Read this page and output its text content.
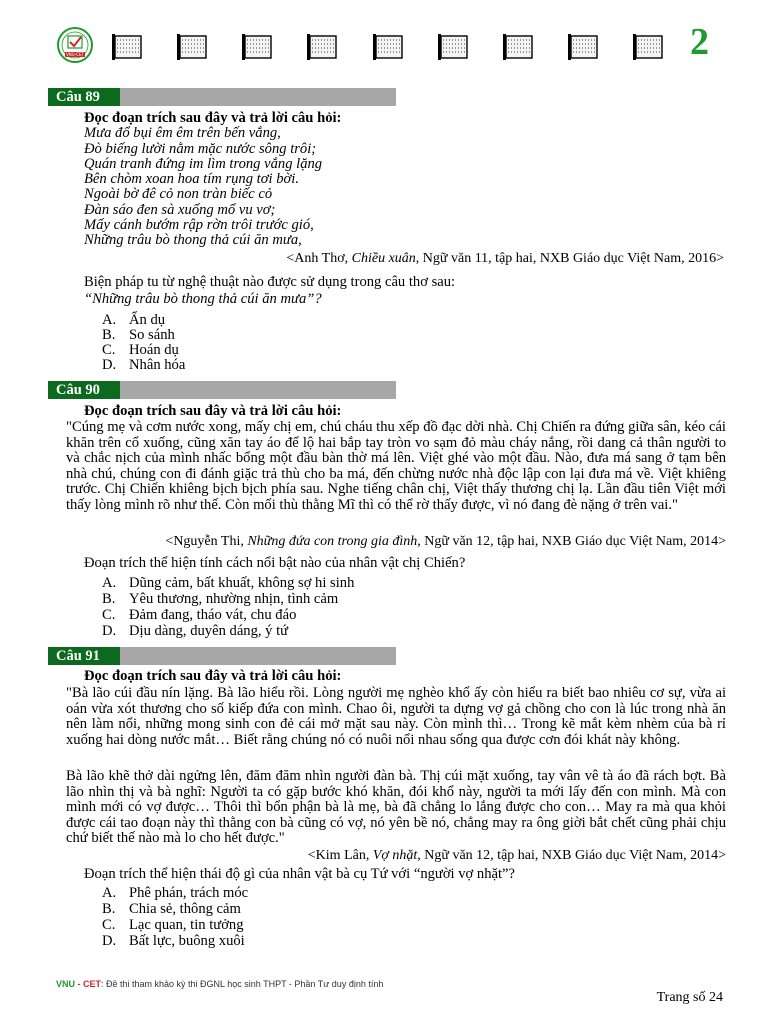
VNU-CET	2
Câu 89
Đọc đoạn trích sau đây và trả lời câu hỏi:
Mưa đổ bụi êm êm trên bến vắng,
Đò biếng lười nằm mặc nước sông trôi;
Quán tranh đứng im lìm trong vắng lặng
Bên chòm xoan hoa tím rụng tơi bời.
Ngoài bờ đê cỏ non tràn biếc cỏ
Đàn sáo đen sà xuống mổ vu vơ;
Mấy cánh bướm rập rờn trôi trước gió,
Những trâu bò thong thả cúi ăn mưa,
<Anh Thơ, Chiều xuân, Ngữ văn 11, tập hai, NXB Giáo dục Việt Nam, 2016>
Biện pháp tu từ nghệ thuật nào được sử dụng trong câu thơ sau:
“Những trâu bò thong thả cúi ăn mưa”?
A. Ẩn dụ
B. So sánh
C. Hoán dụ
D. Nhân hóa
Câu 90
Đọc đoạn trích sau đây và trả lời câu hỏi:
"Cúng mẹ và cơm nước xong, mấy chị em, chú cháu thu xếp đồ đạc dời nhà. Chị Chiến ra đứng giữa sân, kéo cái khăn trên cổ xuống, cũng xăn tay áo để lộ hai bắp tay tròn vo sạm đỏ màu cháy nắng, rồi dang cả thân người to và chắc nịch của mình nhấc bổng một đầu bàn thờ má lên. Việt ghé vào một đầu. Nào, đưa má sang ở tạm bên nhà chú, chúng con đi đánh giặc trả thù cho ba má, đến chừng nước nhà độc lập con lại đưa má về. Việt khiêng trước. Chị Chiến khiêng bịch bịch phía sau. Nghe tiếng chân chị, Việt thấy thương chị lạ. Lần đầu tiên Việt mới thấy lòng mình rõ như thế. Còn mối thù thằng Mĩ thì có thể rờ thấy được, vì nó đang đè nặng ở trên vai."
<Nguyễn Thi, Những đứa con trong gia đình, Ngữ văn 12, tập hai, NXB Giáo dục Việt Nam, 2014>
Đoạn trích thể hiện tính cách nổi bật nào của nhân vật chị Chiến?
A. Dũng cảm, bất khuất, không sợ hi sinh
B. Yêu thương, nhường nhịn, tình cảm
C. Đảm đang, tháo vát, chu đáo
D. Dịu dàng, duyên dáng, ý tứ
Câu 91
Đọc đoạn trích sau đây và trả lời câu hỏi:
"Bà lão cúi đầu nín lặng. Bà lão hiểu rồi. Lòng người mẹ nghèo khổ ấy còn hiểu ra biết bao nhiêu cơ sự, vừa ai oán vừa xót thương cho số kiếp đứa con mình. Chao ôi, người ta dựng vợ gả chồng cho con là lúc trong nhà ăn nên làm nổi, những mong sinh con đẻ cái mở mặt sau này. Còn mình thì… Trong kẽ mắt kèm nhèm của bà rỉ xuống hai dòng nước mắt… Biết rằng chúng nó có nuôi nổi nhau sống qua được cơn đói khát này không.
Bà lão khẽ thở dài ngửng lên, đăm đăm nhìn người đàn bà. Thị cúi mặt xuống, tay vân vê tà áo đã rách bợt. Bà lão nhìn thị và bà nghĩ: Người ta có gặp bước khó khăn, đói khổ này, người ta mới lấy đến con mình. Mà con mình mới có vợ được… Thôi thì bổn phận bà là mẹ, bà đã chẳng lo lắng được cho con… May ra mà qua khỏi được cái tao đoạn này thì thằng con bà cũng có vợ, nó yên bề nó, chẳng may ra ông giời bắt chết cũng phải chịu chứ biết thế nào mà lo cho hết được."
<Kim Lân, Vợ nhặt, Ngữ văn 12, tập hai, NXB Giáo dục Việt Nam, 2014>
Đoạn trích thể hiện thái độ gì của nhân vật bà cụ Tứ với “người vợ nhặt”?
A. Phê phán, trách móc
B. Chia sẻ, thông cảm
C. Lạc quan, tin tưởng
D. Bất lực, buông xuôi
VNU - CET: Đề thi tham khảo kỳ thi ĐGNL học sinh THPT - Phần Tư duy định tính
Trang số 24
